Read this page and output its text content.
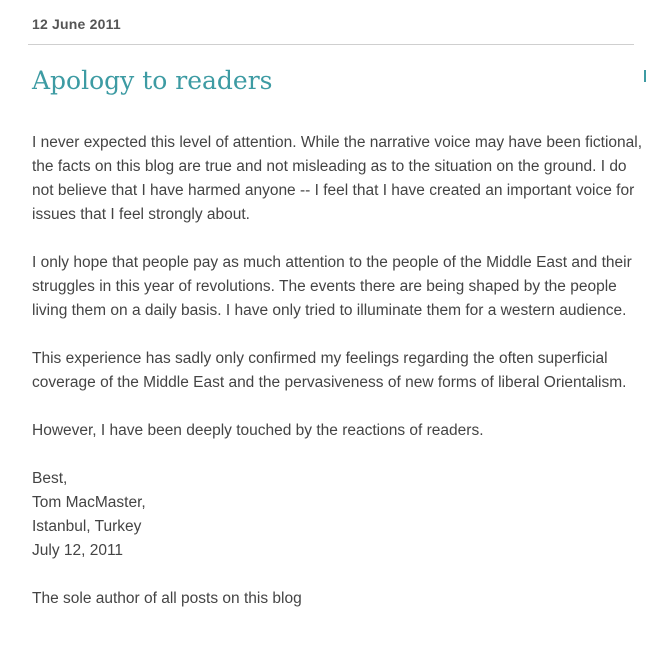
12 June 2011
Apology to readers

I never expected this level of attention. While the narrative voice may have been fictional, the facts on this blog are true and not misleading as to the situation on the ground. I do not believe that I have harmed anyone -- I feel that I have created an important voice for issues that I feel strongly about.

I only hope that people pay as much attention to the people of the Middle East and their struggles in this year of revolutions. The events there are being shaped by the people living them on a daily basis. I have only tried to illuminate them for a western audience.

This experience has sadly only confirmed my feelings regarding the often superficial coverage of the Middle East and the pervasiveness of new forms of liberal Orientalism.

However, I have been deeply touched by the reactions of readers.

Best,
Tom MacMaster,
Istanbul, Turkey
July 12, 2011

The sole author of all posts on this blog
